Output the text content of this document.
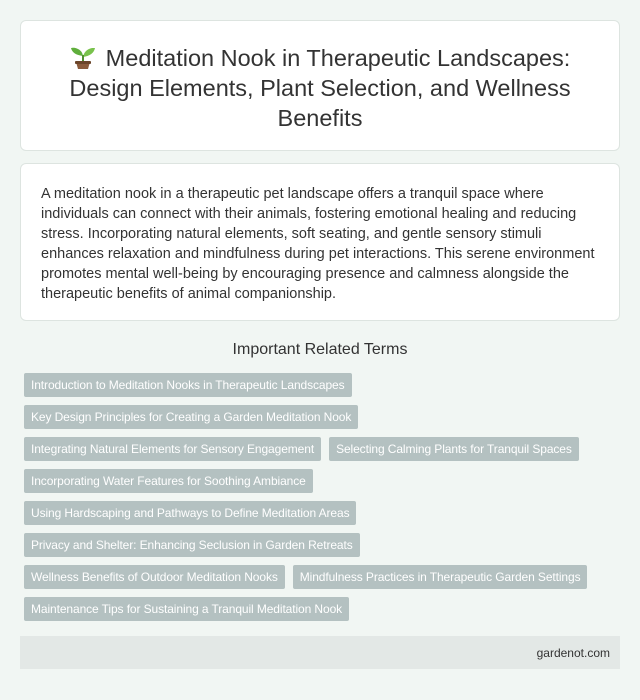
Meditation Nook in Therapeutic Landscapes: Design Elements, Plant Selection, and Wellness Benefits
A meditation nook in a therapeutic pet landscape offers a tranquil space where individuals can connect with their animals, fostering emotional healing and reducing stress. Incorporating natural elements, soft seating, and gentle sensory stimuli enhances relaxation and mindfulness during pet interactions. This serene environment promotes mental well-being by encouraging presence and calmness alongside the therapeutic benefits of animal companionship.
Important Related Terms
Introduction to Meditation Nooks in Therapeutic Landscapes
Key Design Principles for Creating a Garden Meditation Nook
Integrating Natural Elements for Sensory Engagement Selecting Calming Plants for Tranquil Spaces
Incorporating Water Features for Soothing Ambiance
Using Hardscaping and Pathways to Define Meditation Areas
Privacy and Shelter: Enhancing Seclusion in Garden Retreats
Wellness Benefits of Outdoor Meditation Nooks Mindfulness Practices in Therapeutic Garden Settings
Maintenance Tips for Sustaining a Tranquil Meditation Nook
gardenot.com
